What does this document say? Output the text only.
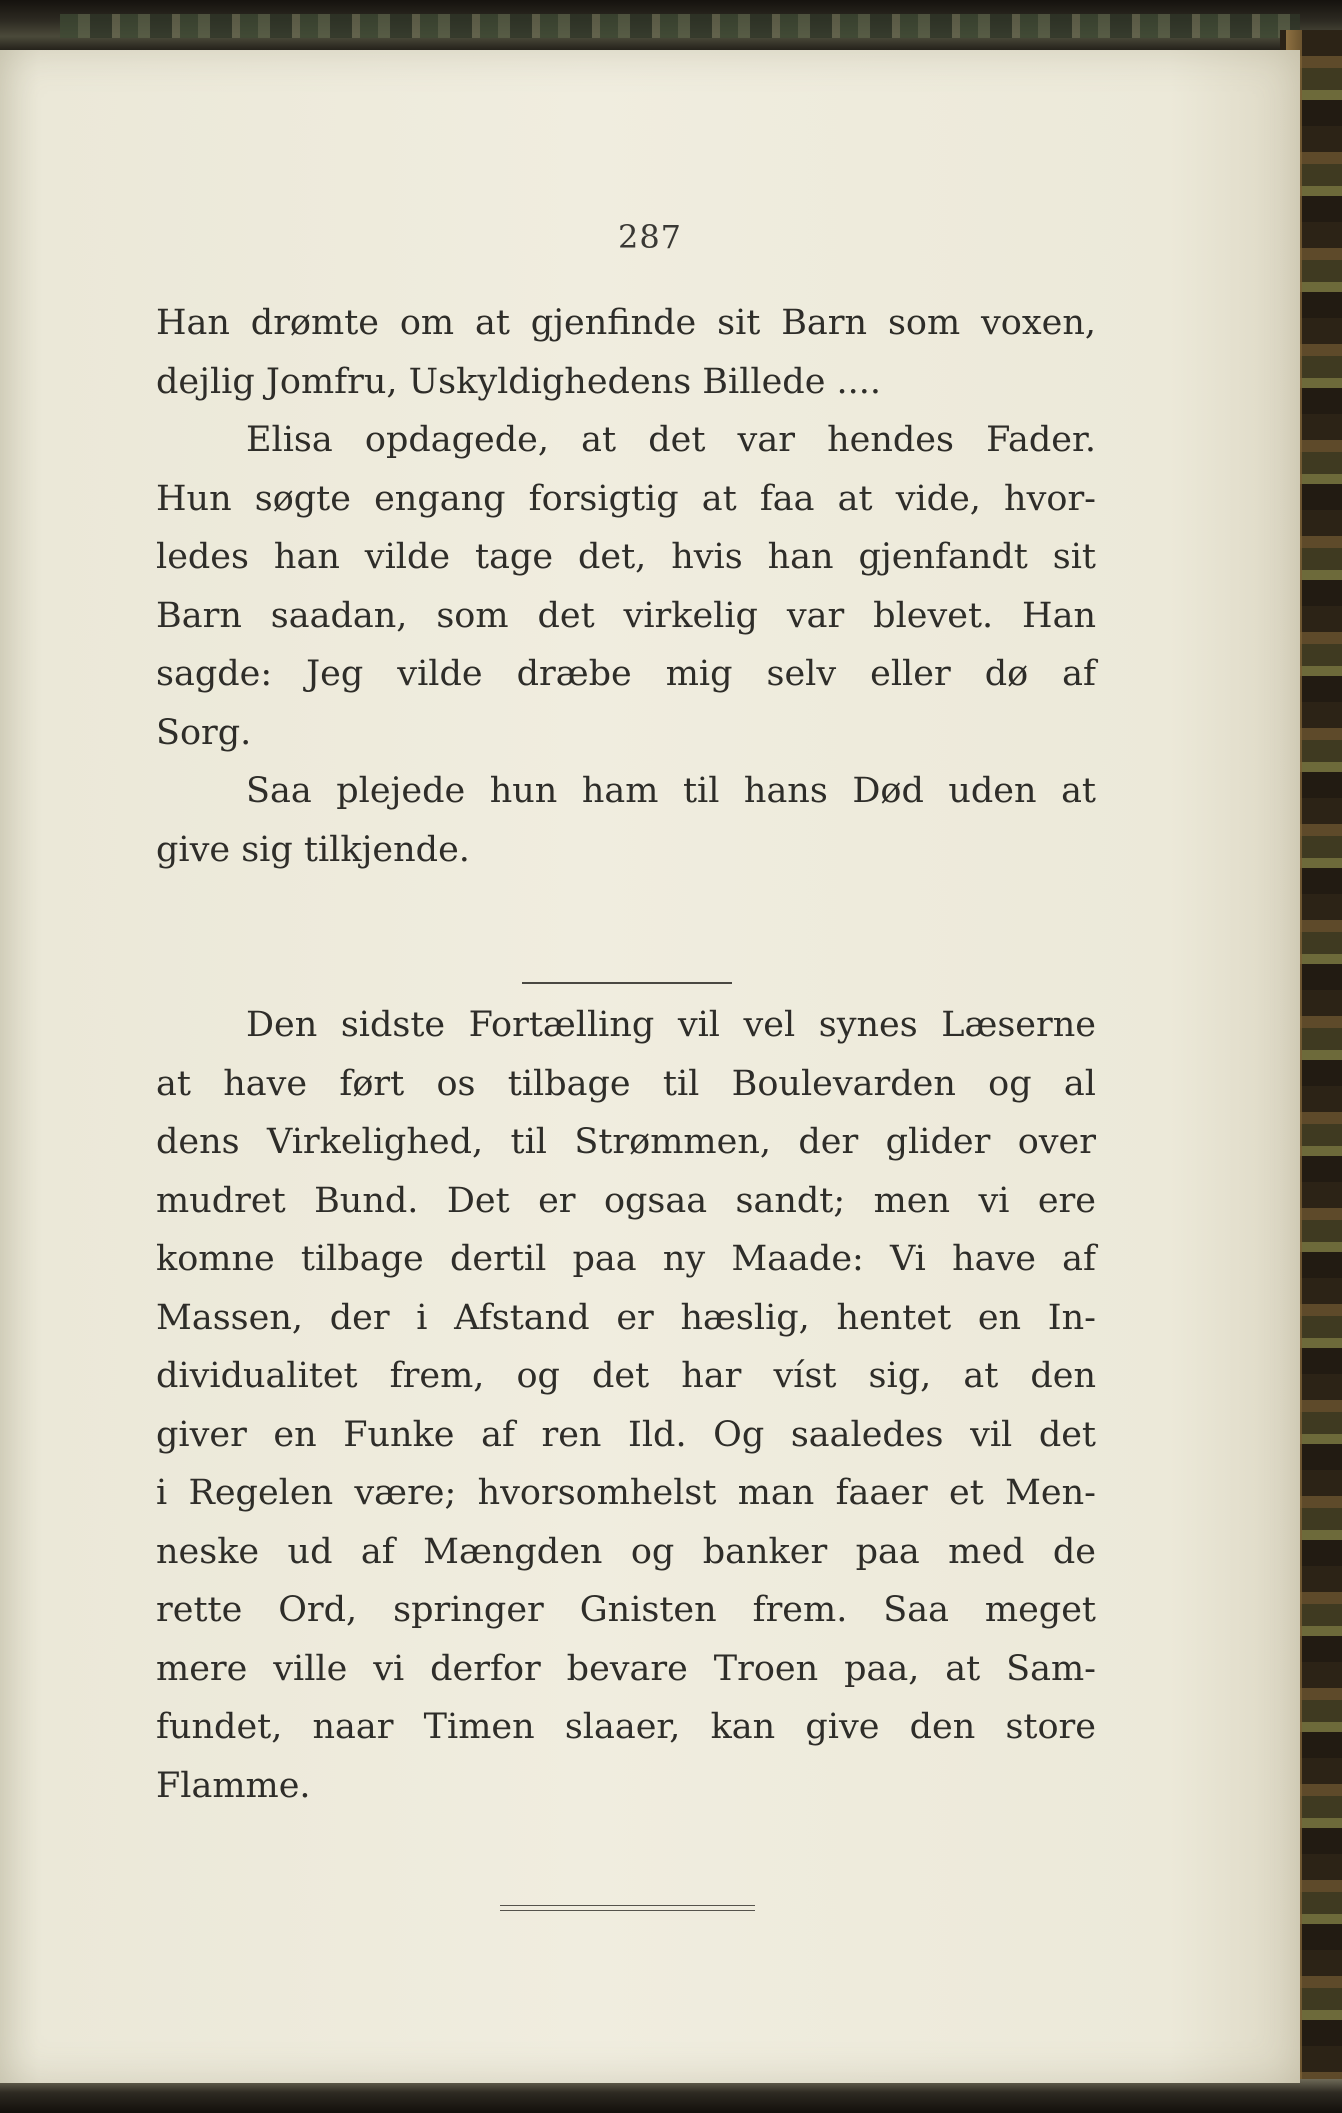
287

Han drømte om at gjenfinde sit Barn som voxen,
dejlig Jomfru, Uskyldighedens Billede ....

Elisa opdagede, at det var hendes Fader.
Hun søgte engang forsigtig at faa at vide, hvor-
ledes han vilde tage det, hvis han gjenfandt sit
Barn saadan, som det virkelig var blevet. Han
sagde: Jeg vilde dræbe mig selv eller dø af
Sorg.

Saa plejede hun ham til hans Død uden at
give sig tilkjende.

Den sidste Fortælling vil vel synes Læserne
at have ført os tilbage til Boulevarden og al
dens Virkelighed, til Strømmen, der glider over
mudret Bund. Det er ogsaa sandt; men vi ere
komne tilbage dertil paa ny Maade: Vi have af
Massen, der i Afstand er hæslig, hentet en In-
dividualitet frem, og det har víst sig, at den
giver en Funke af ren Ild. Og saaledes vil det
i Regelen være; hvorsomhelst man faaer et Men-
neske ud af Mængden og banker paa med de
rette Ord, springer Gnisten frem. Saa meget
mere ville vi derfor bevare Troen paa, at Sam-
fundet, naar Timen slaaer, kan give den store
Flamme.
